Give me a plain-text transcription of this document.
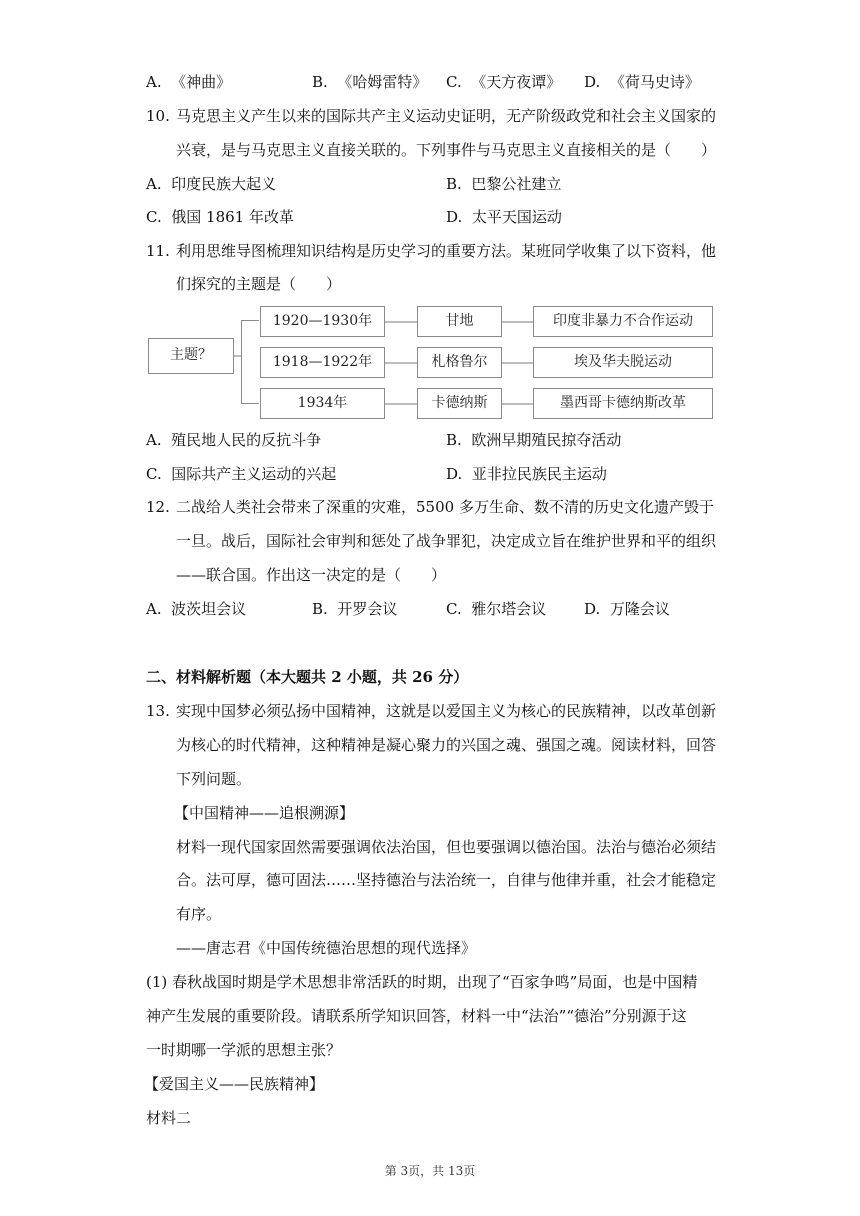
A. 《神曲》	B. 《哈姆雷特》 C. 《天方夜谭》 D. 《荷马史诗》
10. 马克思主义产生以来的国际共产主义运动史证明，无产阶级政党和社会主义国家的
兴衰，是与马克思主义直接关联的。下列事件与马克思主义直接相关的是（　　）
A. 印度民族大起义	B. 巴黎公社建立
C. 俄国 1861 年改革	D. 太平天国运动
11. 利用思维导图梳理知识结构是历史学习的重要方法。某班同学收集了以下资料，他
们探究的主题是（　　）
主题？
1920—1930年	甘地	印度非暴力不合作运动
1918—1922年	札格鲁尔	埃及华夫脱运动
1934年	卡德纳斯	墨西哥卡德纳斯改革
A. 殖民地人民的反抗斗争	B. 欧洲早期殖民掠夺活动
C. 国际共产主义运动的兴起	D. 亚非拉民族民主运动
12. 二战给人类社会带来了深重的灾难，5500 多万生命、数不清的历史文化遗产毁于
一旦。战后，国际社会审判和惩处了战争罪犯，决定成立旨在维护世界和平的组织
——联合国。作出这一决定的是（　　）
A. 波茨坦会议	B. 开罗会议	C. 雅尔塔会议	D. 万隆会议
二、材料解析题（本大题共 2 小题，共 26 分）
13. 实现中国梦必须弘扬中国精神，这就是以爱国主义为核心的民族精神，以改革创新
为核心的时代精神，这种精神是凝心聚力的兴国之魂、强国之魂。阅读材料，回答
下列问题。
【中国精神——追根溯源】
材料一现代国家固然需要强调依法治国，但也要强调以德治国。法治与德治必须结
合。法可厚，德可固法……坚持德治与法治统一，自律与他律并重，社会才能稳定
有序。
——唐志君《中国传统德治思想的现代选择》
(1) 春秋战国时期是学术思想非常活跃的时期，出现了“百家争鸣”局面，也是中国精
神产生发展的重要阶段。请联系所学知识回答，材料一中“法治”“德治”分别源于这
一时期哪一学派的思想主张？
【爱国主义——民族精神】
材料二
第 3页，共 13页
